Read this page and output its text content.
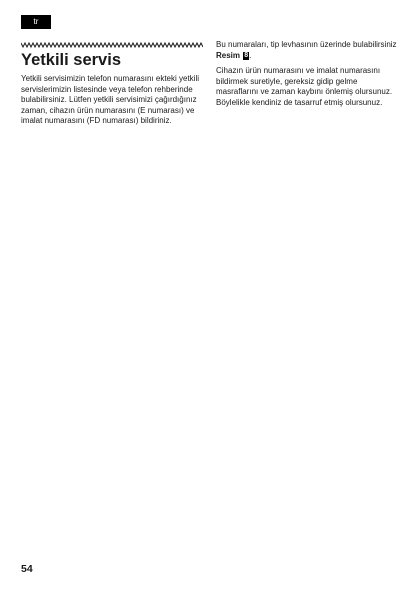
tr
Yetkili servis

Yetkili servisimizin telefon numarasını ekteki yetkili servislerimizin listesinde veya telefon rehberinde bulabilirsiniz. Lütfen yetkili servisimizi çağırdığınız zaman, cihazın ürün numarasını (E numarası) ve imalat numarasını (FD numarası) bildiriniz.

Bu numaraları, tip levhasının üzerinde bulabilirsiniz Resim 8.

Cihazın ürün numarasını ve imalat numarasını bildirmek suretiyle, gereksiz gidip gelme masraflarını ve zaman kaybını önlemiş olursunuz. Böylelikle kendiniz de tasarruf etmiş olursunuz.

54
